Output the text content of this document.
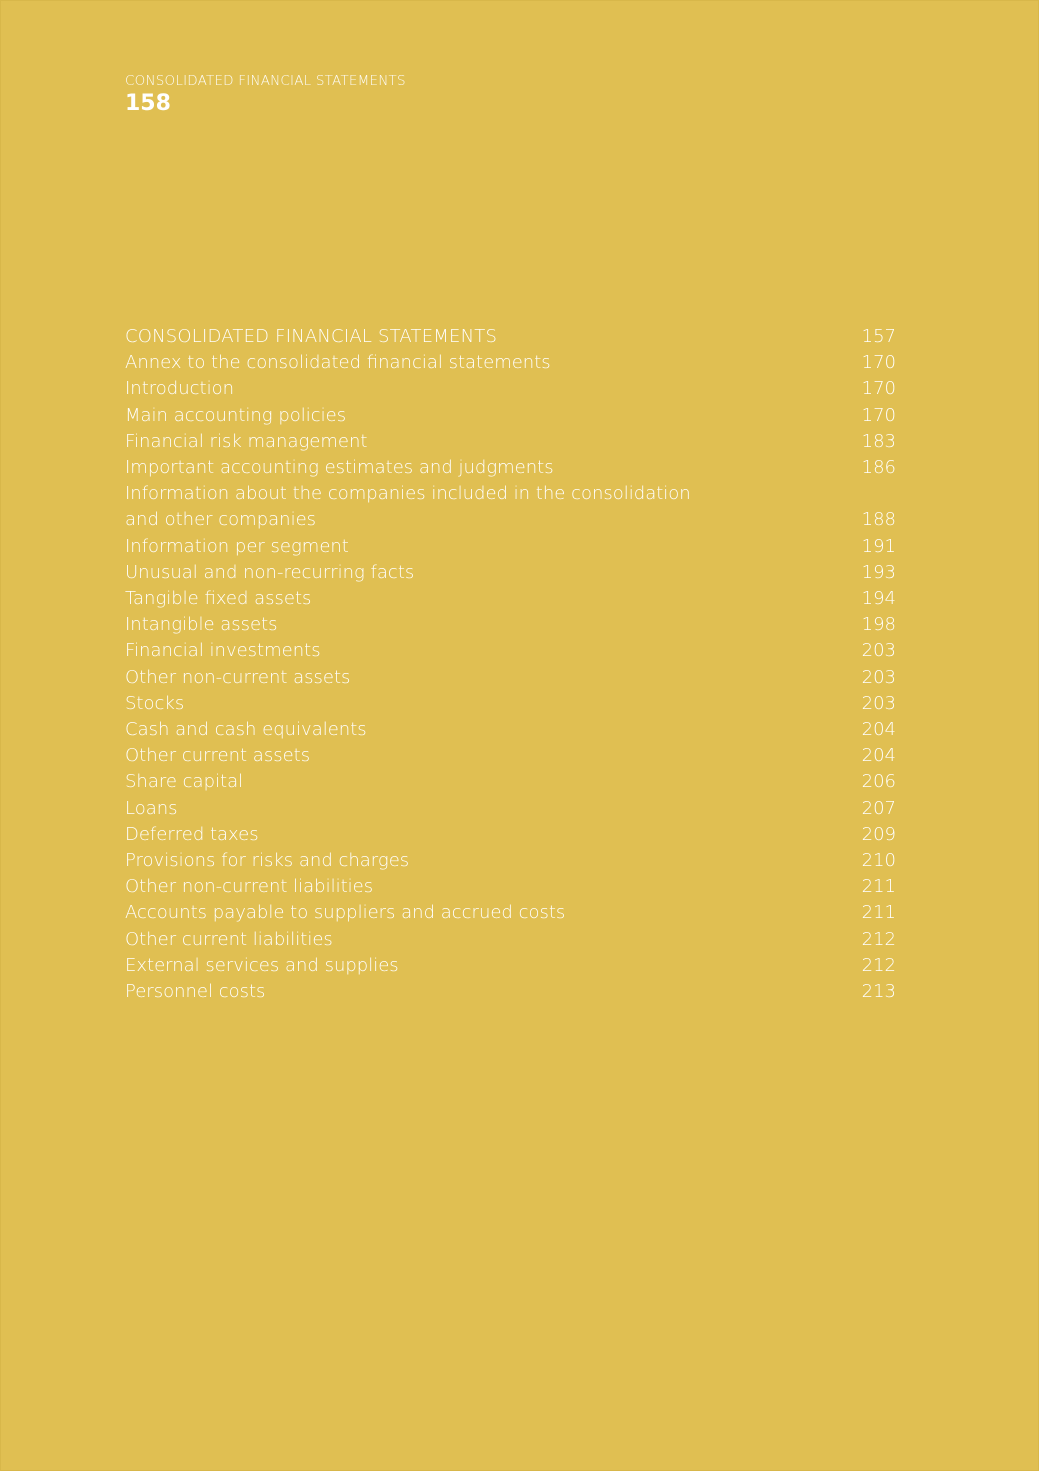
CONSOLIDATED FINANCIAL STATEMENTS
158
CONSOLIDATED FINANCIAL STATEMENTS	157
Annex to the consolidated financial statements	170
Introduction	170
Main accounting policies	170
Financial risk management	183
Important accounting estimates and judgments	186
Information about the companies included in the consolidation
and other companies	188
Information per segment	191
Unusual and non-recurring facts	193
Tangible fixed assets	194
Intangible assets	198
Financial investments	203
Other non-current assets	203
Stocks	203
Cash and cash equivalents	204
Other current assets	204
Share capital	206
Loans	207
Deferred taxes	209
Provisions for risks and charges	210
Other non-current liabilities	211
Accounts payable to suppliers and accrued costs	211
Other current liabilities	212
External services and supplies	212
Personnel costs	213
